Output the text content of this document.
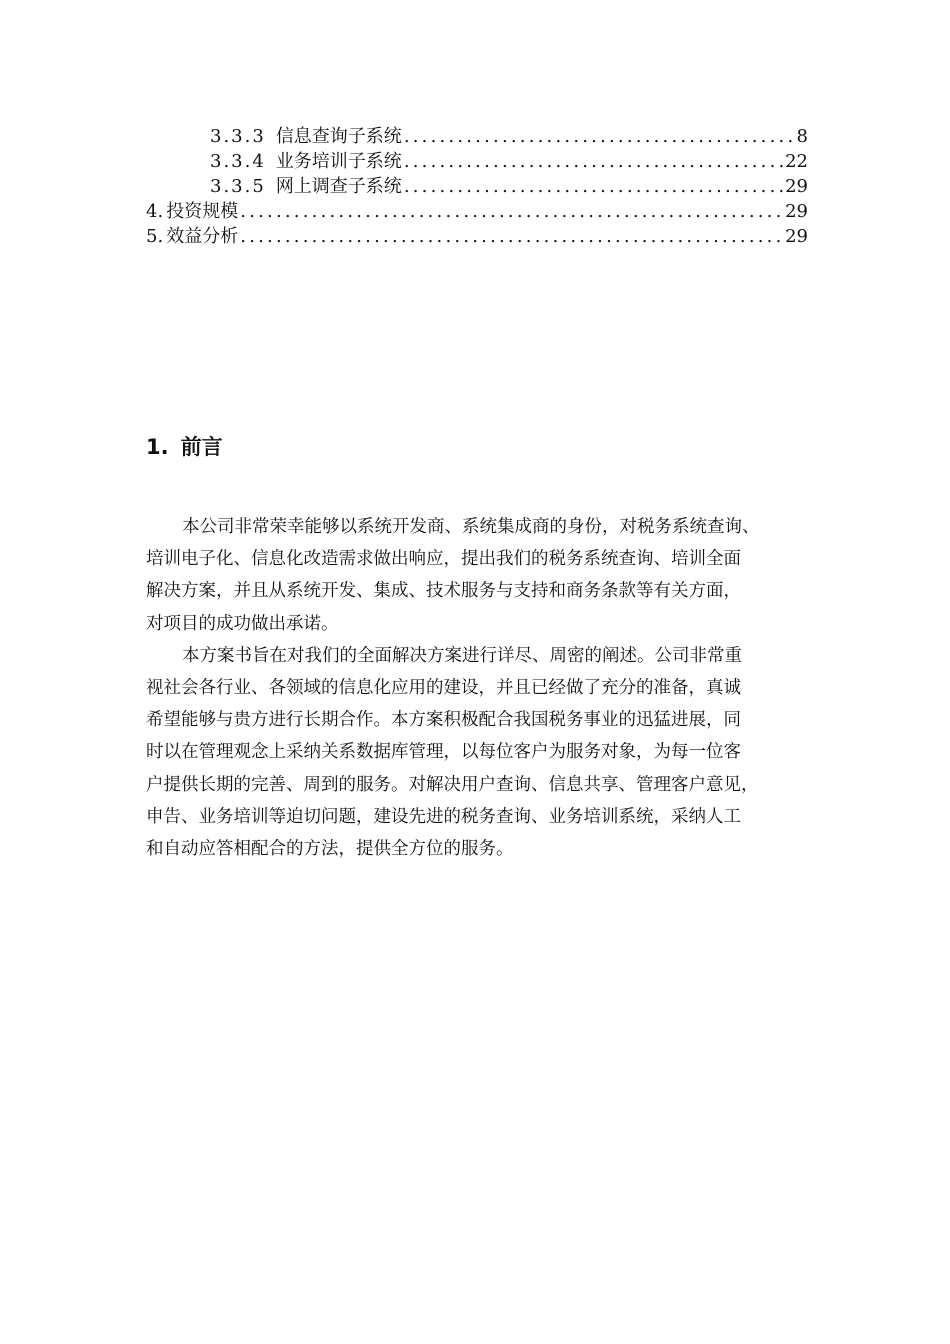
3.3.3 信息查询子系统 .....	8
3.3.4 业务培训子系统 .....	22
3.3.5 网上调查子系统 .....	29
4. 投资规模 .....	29
5. 效益分析 .....	29
1. 前言

本公司非常荣幸能够以系统开发商、系统集成商的身份，对税务系统查询、
培训电子化、信息化改造需求做出响应，提出我们的税务系统查询、培训全面
解决方案，并且从系统开发、集成、技术服务与支持和商务条款等有关方面，
对项目的成功做出承诺。

本方案书旨在对我们的全面解决方案进行详尽、周密的阐述。公司非常重
视社会各行业、各领域的信息化应用的建设，并且已经做了充分的准备，真诚
希望能够与贵方进行长期合作。本方案积极配合我国税务事业的迅猛进展，同
时以在管理观念上采纳关系数据库管理，以每位客户为服务对象，为每一位客
户提供长期的完善、周到的服务。对解决用户查询、信息共享、管理客户意见，
申告、业务培训等迫切问题，建设先进的税务查询、业务培训系统，采纳人工
和自动应答相配合的方法，提供全方位的服务。
